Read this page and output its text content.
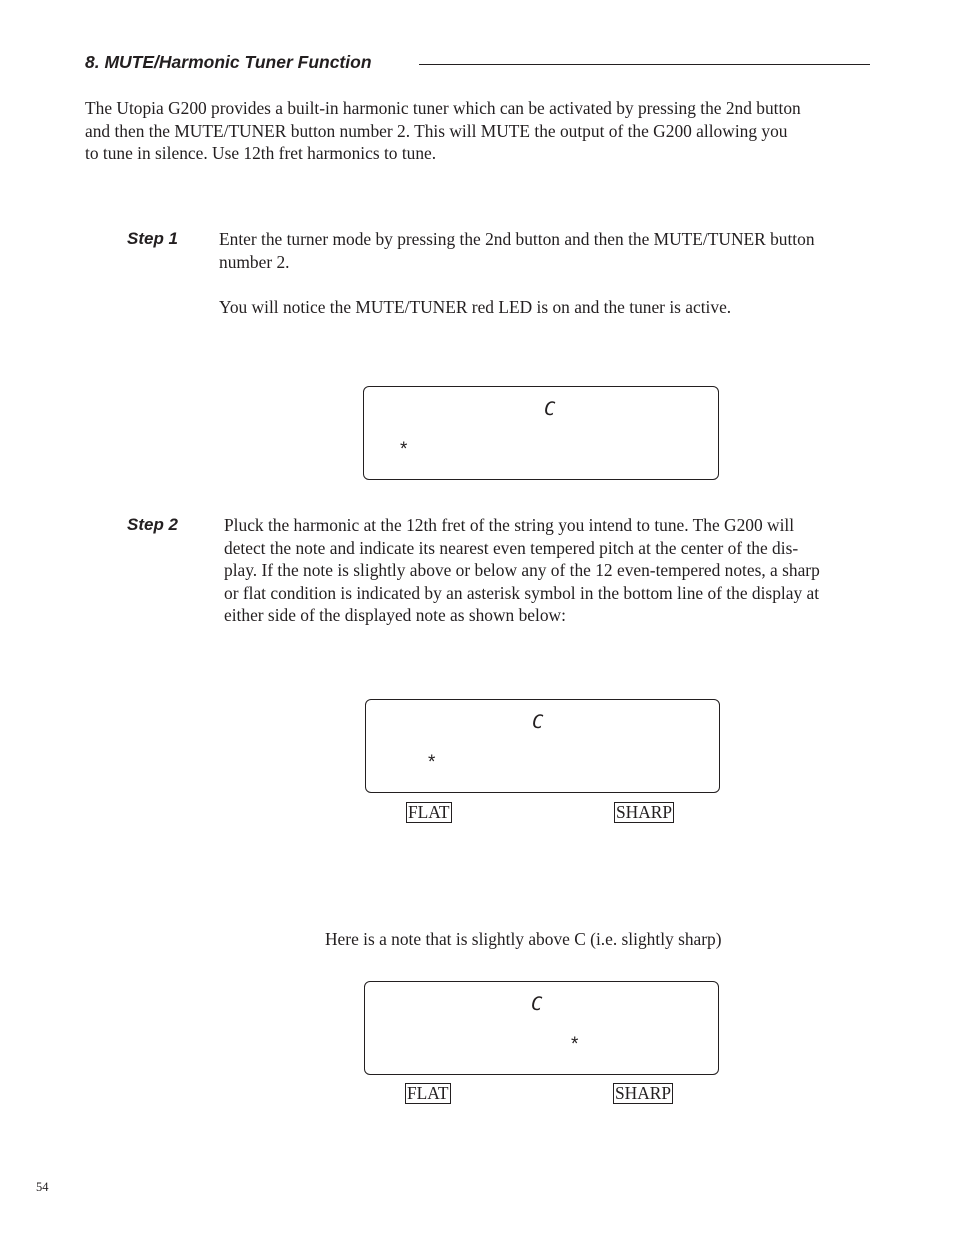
8. MUTE/Harmonic Tuner Function
The Utopia G200 provides a built-in harmonic tuner which can be activated by pressing the 2nd button
and then the MUTE/TUNER button number 2. This will MUTE the output of the G200 allowing you
to tune in silence. Use 12th fret harmonics to tune.
Step 1 Enter the turner mode by pressing the 2nd button and then the MUTE/TUNER button
number 2.
You will notice the MUTE/TUNER red LED is on and the tuner is active.
C
*
Step 2	Pluck the harmonic at the 12th fret of the string you intend to tune. The G200 will
detect the note and indicate its nearest even tempered pitch at the center of the dis-
play. If the note is slightly above or below any of the 12 even-tempered notes, a sharp
or flat condition is indicated by an asterisk symbol in the bottom line of the display at
either side of the displayed note as shown below:
C
*
FLAT	SHARP
Here is a note that is slightly above C (i.e. slightly sharp)
C
*
FLAT	SHARP
54
